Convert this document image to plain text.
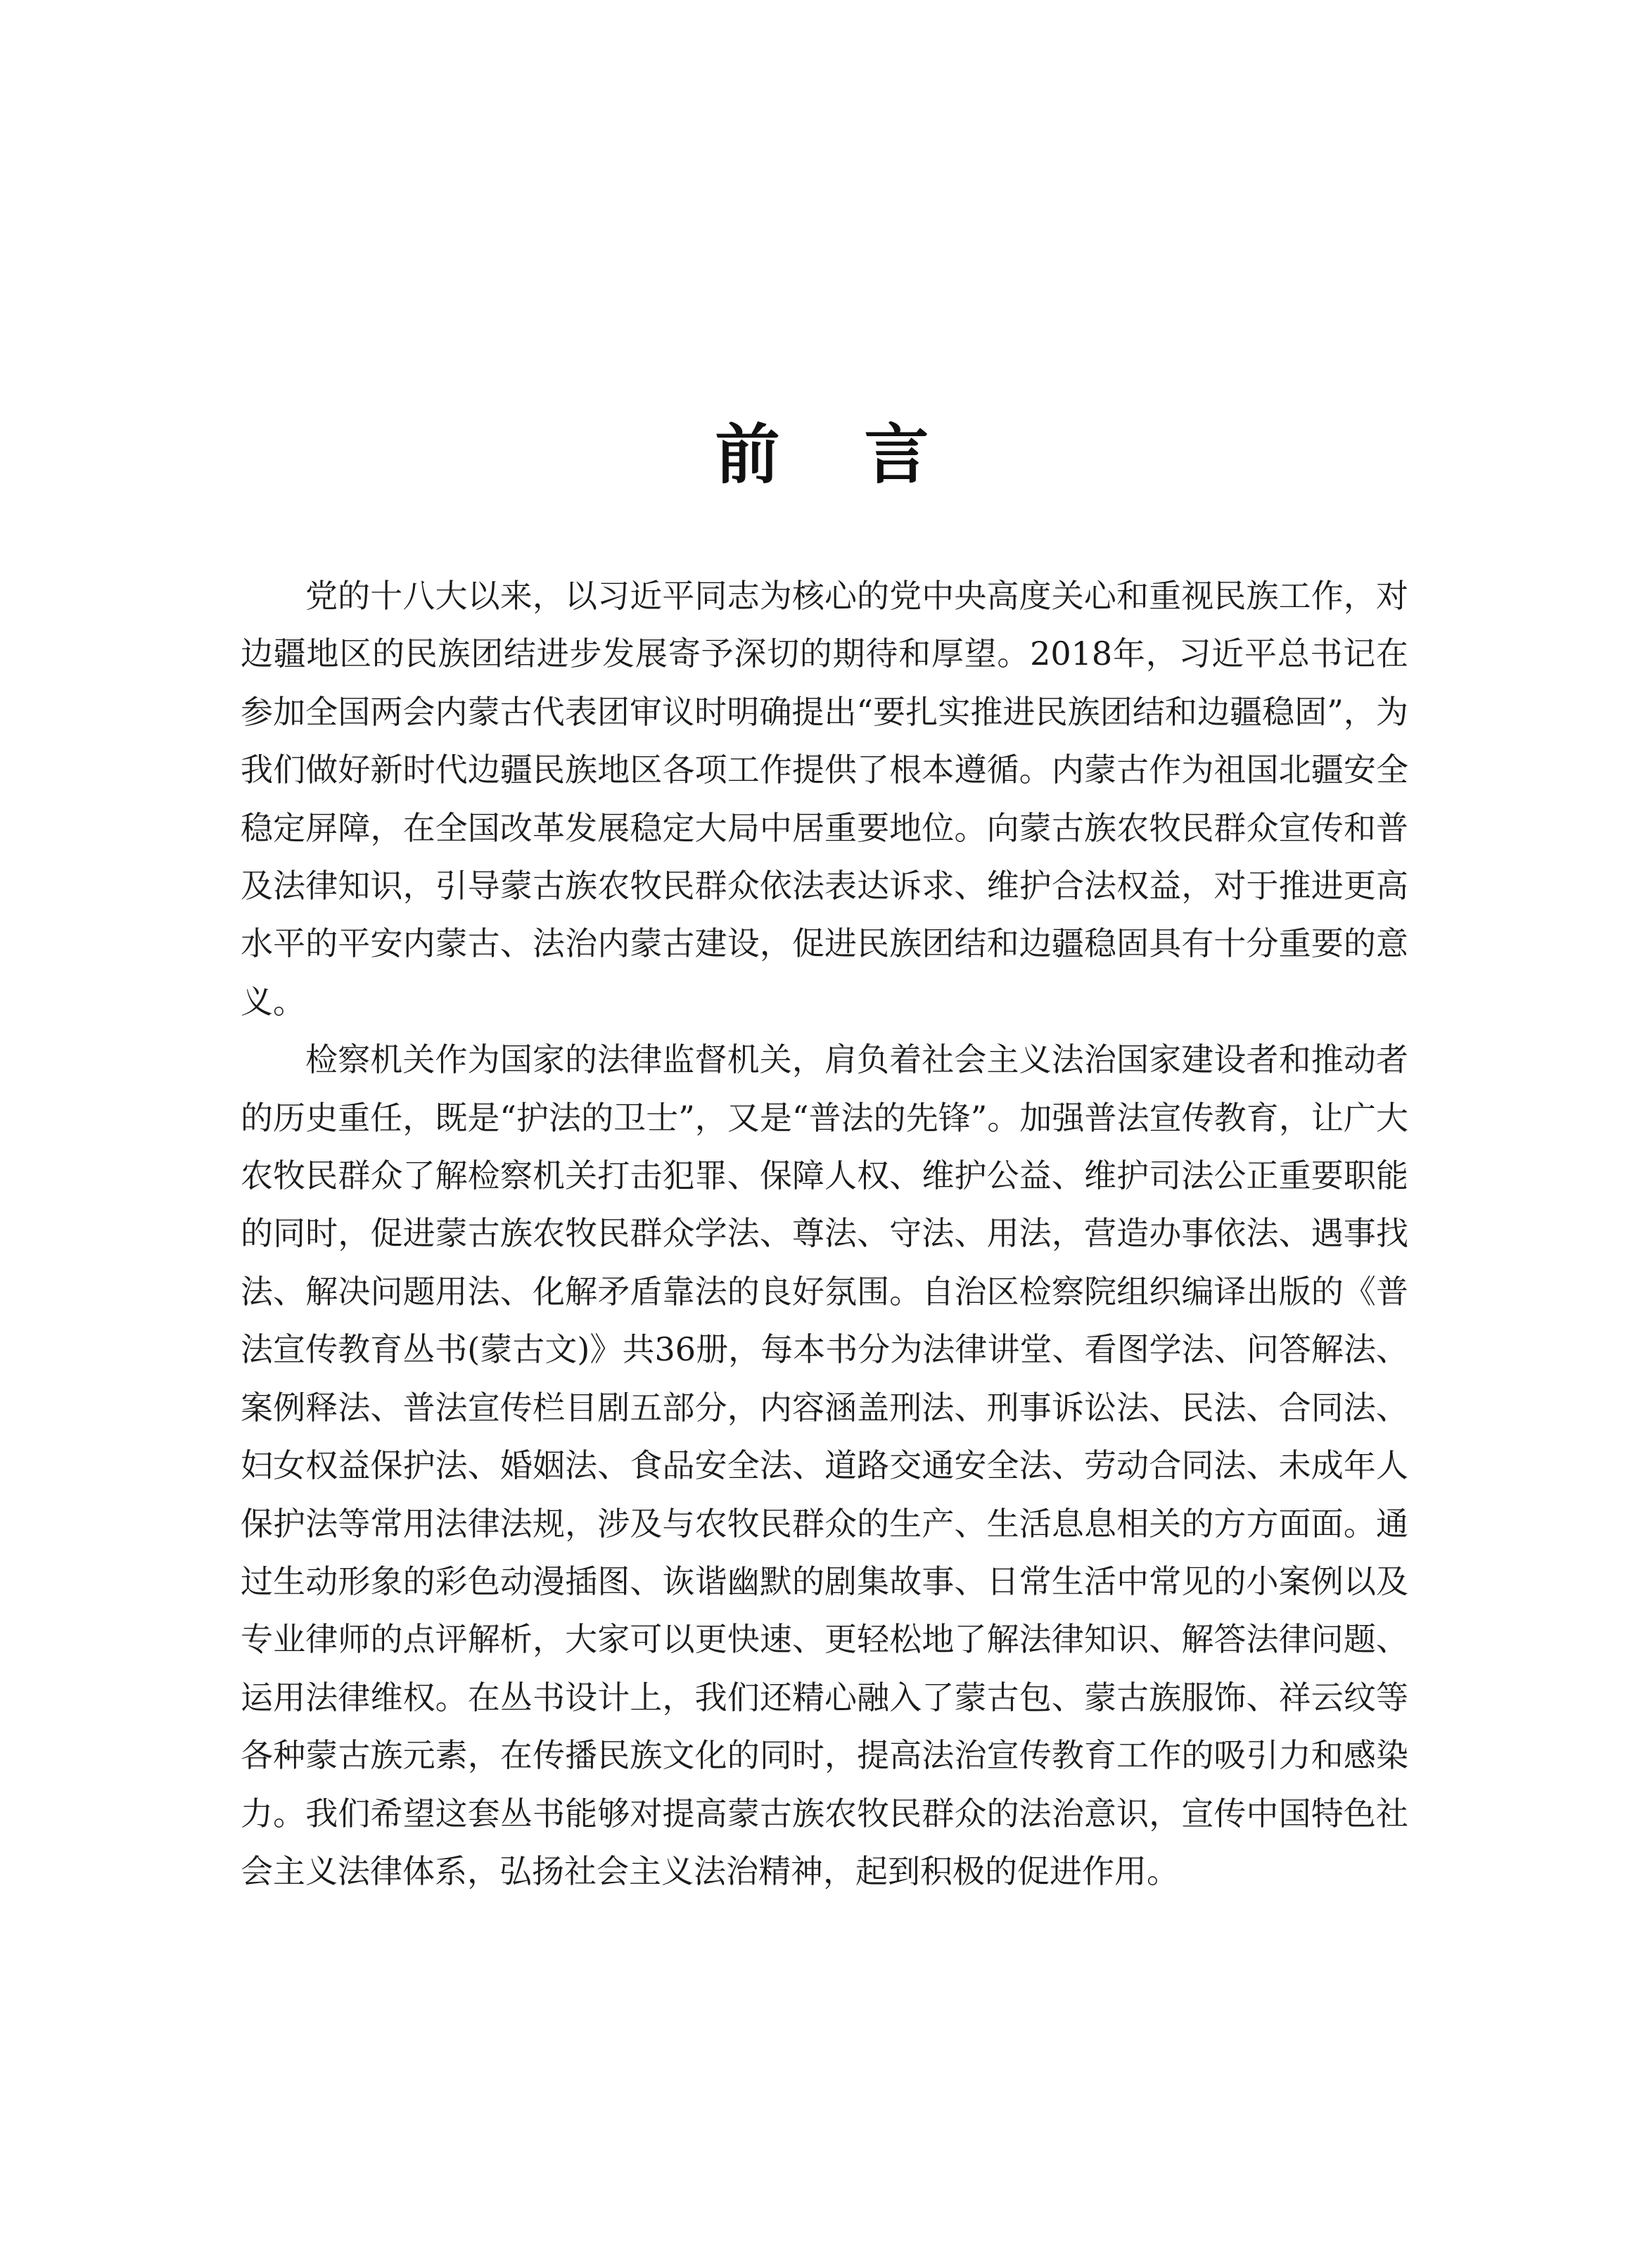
前 言

党的十八大以来，以习近平同志为核心的党中央高度关心和重视民族工作，对边疆地区的民族团结进步发展寄予深切的期待和厚望。2018年，习近平总书记在参加全国两会内蒙古代表团审议时明确提出“要扎实推进民族团结和边疆稳固”，为我们做好新时代边疆民族地区各项工作提供了根本遵循。内蒙古作为祖国北疆安全稳定屏障，在全国改革发展稳定大局中居重要地位。向蒙古族农牧民群众宣传和普及法律知识，引导蒙古族农牧民群众依法表达诉求、维护合法权益，对于推进更高水平的平安内蒙古、法治内蒙古建设，促进民族团结和边疆稳固具有十分重要的意义。

检察机关作为国家的法律监督机关，肩负着社会主义法治国家建设者和推动者的历史重任，既是“护法的卫士”，又是“普法的先锋”。加强普法宣传教育，让广大农牧民群众了解检察机关打击犯罪、保障人权、维护公益、维护司法公正重要职能的同时，促进蒙古族农牧民群众学法、尊法、守法、用法，营造办事依法、遇事找法、解决问题用法、化解矛盾靠法的良好氛围。自治区检察院组织编译出版的《普法宣传教育丛书(蒙古文)》共36册，每本书分为法律讲堂、看图学法、问答解法、案例释法、普法宣传栏目剧五部分，内容涵盖刑法、刑事诉讼法、民法、合同法、妇女权益保护法、婚姻法、食品安全法、道路交通安全法、劳动合同法、未成年人保护法等常用法律法规，涉及与农牧民群众的生产、生活息息相关的方方面面。通过生动形象的彩色动漫插图、诙谐幽默的剧集故事、日常生活中常见的小案例以及专业律师的点评解析，大家可以更快速、更轻松地了解法律知识、解答法律问题、运用法律维权。在丛书设计上，我们还精心融入了蒙古包、蒙古族服饰、祥云纹等各种蒙古族元素，在传播民族文化的同时，提高法治宣传教育工作的吸引力和感染力。我们希望这套丛书能够对提高蒙古族农牧民群众的法治意识，宣传中国特色社会主义法律体系，弘扬社会主义法治精神，起到积极的促进作用。
